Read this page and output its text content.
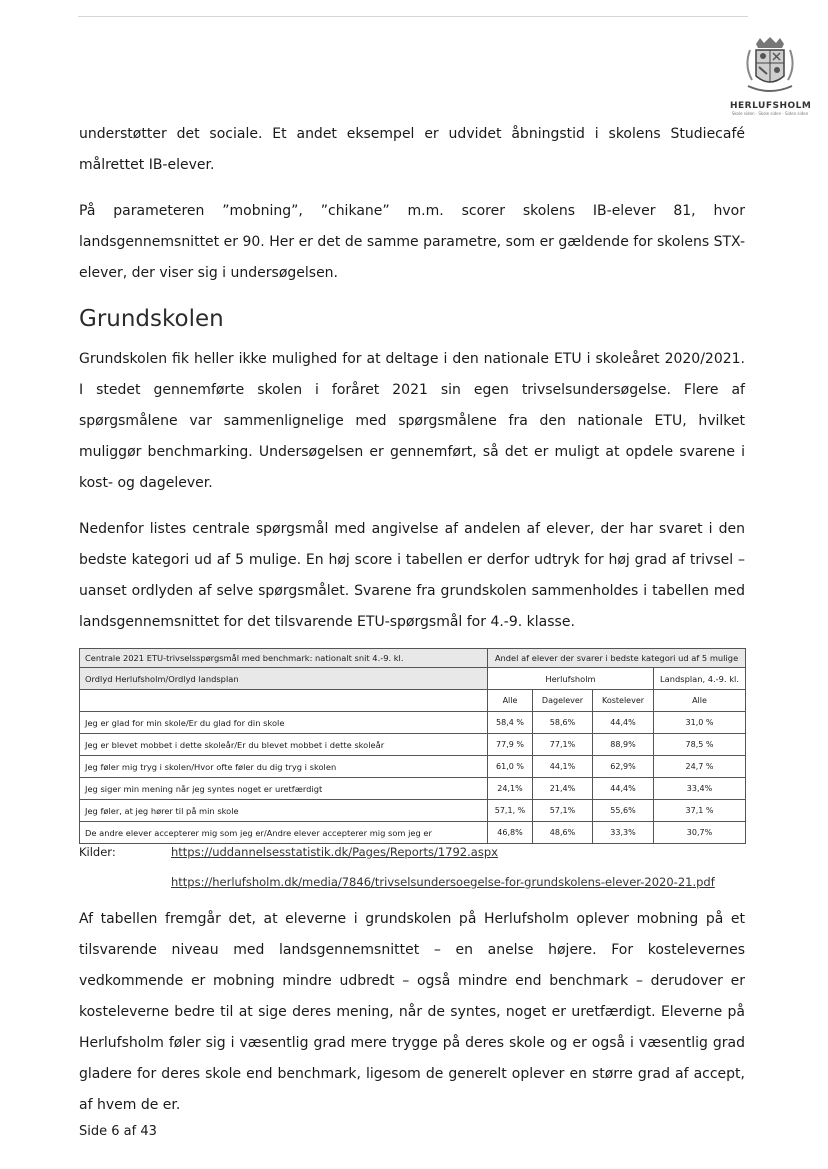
HERLUFSHOLM
Skole siden · Skole siden · Siden siden

understøtter det sociale. Et andet eksempel er udvidet åbningstid i skolens Studiecafé målrettet IB-elever.

På parameteren ”mobning”, ”chikane” m.m. scorer skolens IB-elever 81, hvor landsgennemsnittet er 90. Her er det de samme parametre, som er gældende for skolens STX-elever, der viser sig i undersøgelsen.

Grundskolen

Grundskolen fik heller ikke mulighed for at deltage i den nationale ETU i skoleåret 2020/2021. I stedet gennemførte skolen i foråret 2021 sin egen trivselsundersøgelse. Flere af spørgsmålene var sammenlignelige med spørgsmålene fra den nationale ETU, hvilket muliggør benchmarking. Undersøgelsen er gennemført, så det er muligt at opdele svarene i kost- og dagelever.

Nedenfor listes centrale spørgsmål med angivelse af andelen af elever, der har svaret i den bedste kategori ud af 5 mulige. En høj score i tabellen er derfor udtryk for høj grad af trivsel – uanset ordlyden af selve spørgsmålet. Svarene fra grundskolen sammenholdes i tabellen med landsgennemsnittet for det tilsvarende ETU-spørgsmål for 4.-9. klasse.

Centrale 2021 ETU-trivselsspørgsmål med benchmark: nationalt snit 4.-9. kl.	Andel af elever der svarer i bedste kategori ud af 5 mulige			
Ordlyd Herlufsholm/Ordlyd landsplan	Herlufsholm			Landsplan, 4.-9. kl.
	Alle	Dagelever	Kostelever	Alle
Jeg er glad for min skole/Er du glad for din skole	58,4 %	58,6%	44,4%	31,0 %
Jeg er blevet mobbet i dette skoleår/Er du blevet mobbet i dette skoleår	77,9 %	77,1%	88,9%	78,5 %
Jeg føler mig tryg i skolen/Hvor ofte føler du dig tryg i skolen	61,0 %	44,1%	62,9%	24,7 %
Jeg siger min mening når jeg syntes noget er uretfærdigt	24,1%	21,4%	44,4%	33,4%
Jeg føler, at jeg hører til på min skole	57,1, %	57,1%	55,6%	37,1 %
De andre elever accepterer mig som jeg er/Andre elever accepterer mig som jeg er	46,8%	48,6%	33,3%	30,7%
Kilder:	https://uddannelsesstatistik.dk/Pages/Reports/1792.aspx
https://herlufsholm.dk/media/7846/trivselsundersoegelse-for-grundskolens-elever-2020-21.pdf

Af tabellen fremgår det, at eleverne i grundskolen på Herlufsholm oplever mobning på et tilsvarende niveau med landsgennemsnittet – en anelse højere. For kostelevernes vedkommende er mobning mindre udbredt – også mindre end benchmark – derudover er kosteleverne bedre til at sige deres mening, når de syntes, noget er uretfærdigt. Eleverne på Herlufsholm føler sig i væsentlig grad mere trygge på deres skole og er også i væsentlig grad gladere for deres skole end benchmark, ligesom de generelt oplever en større grad af accept, af hvem de er.

Side 6 af 43
